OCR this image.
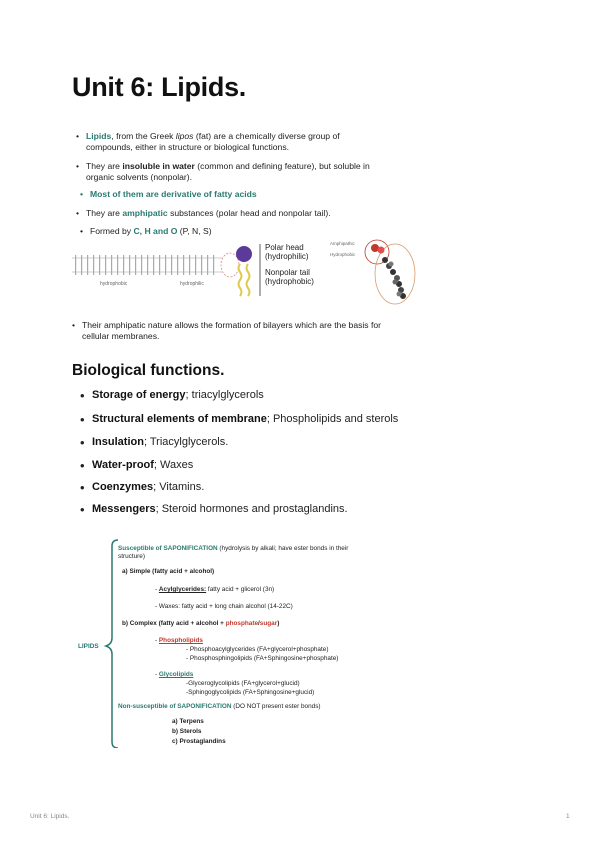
Unit 6: Lipids.
• Lipids, from the Greek lipos (fat) are a chemically diverse group of compounds, either in structure or biological functions.
• They are insoluble in water (common and defining feature), but soluble in organic solvents (nonpolar).
• Most of them are derivative of fatty acids
• They are amphipatic substances (polar head and nonpolar tail).
• Formed by C, H and O (P, N, S)
hydrophobic	hydrophilic
Polar head
(hydrophilic)
Nonpolar tail
(hydrophobic)
Amphipathic
Hydrophobic
• Their amphipatic nature allows the formation of bilayers which are the basis for cellular membranes.
Biological functions.
• Storage of energy; triacylglycerols
• Structural elements of membrane; Phospholipids and sterols
• Insulation; Triacylglycerols.
• Water-proof; Waxes
• Coenzymes; Vitamins.
• Messengers; Steroid hormones and prostaglandins.
LIPIDS
Susceptible of SAPONIFICATION (hydrolysis by alkali; have ester bonds in their structure)
a) Simple (fatty acid + alcohol)
- Acylglycerides: fatty acid + glicerol (3n)
- Waxes: fatty acid + long chain alcohol (14-22C)
b) Complex (fatty acid + alcohol + phosphate/sugar)
- Phospholipids
- Phosphoacylglycerides (FA+glycerol+phosphate)
- Phosphosphingolipids (FA+Sphingosine+phosphate)
- Glycolipids
-Glyceroglycolipids (FA+glycerol+glucid)
-Sphingoglycolipids (FA+Sphingosine+glucid)
Non-susceptible of SAPONIFICATION (DO NOT present ester bonds)
a) Terpens
b) Sterols
c) Prostaglandins
Unit 6: Lipids.	1
